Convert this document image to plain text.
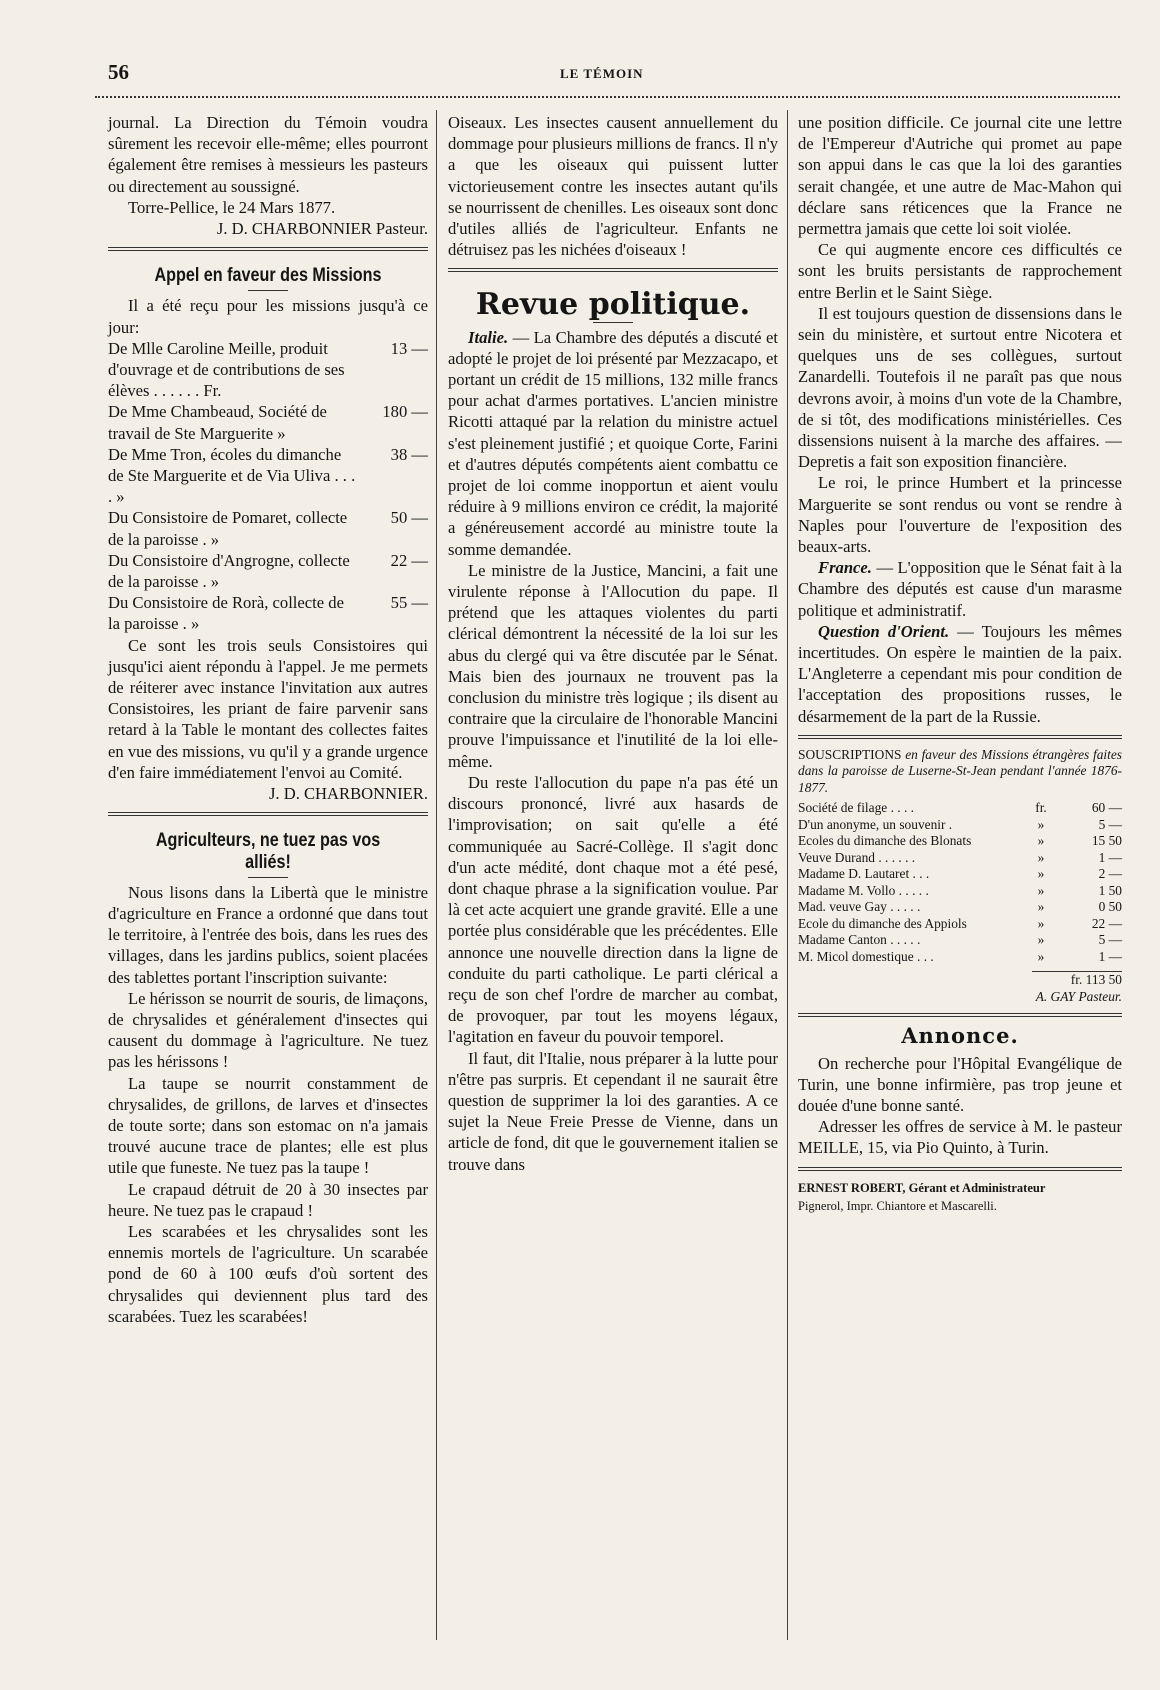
56	LE TÉMOIN

journal. La Direction du Témoin voudra sûrement les recevoir elle-même; elles pourront également être remises à messieurs les pasteurs ou directement au soussigné.

Torre-Pellice, le 24 Mars 1877.

J. D. CHARBONNIER Pasteur.

Appel en faveur des Missions

Il a été reçu pour les missions jusqu'à ce jour:

De Mlle Caroline Meille, produit d'ouvrage et de contributions de ses élèves . . . . . . Fr.
13 —
De Mme Chambeaud, Société de travail de Ste Marguerite »
180 —
De Mme Tron, écoles du dimanche de Ste Marguerite et de Via Uliva . . . . »
38 —
Du Consistoire de Pomaret, collecte de la paroisse . »
50 —
Du Consistoire d'Angrogne, collecte de la paroisse . »
22 —
Du Consistoire de Rorà, collecte de la paroisse . »
55 —

Ce sont les trois seuls Consistoires qui jusqu'ici aient répondu à l'appel. Je me permets de réiterer avec instance l'invitation aux autres Consistoires, les priant de faire parvenir sans retard à la Table le montant des collectes faites en vue des missions, vu qu'il y a grande urgence d'en faire immédiatement l'envoi au Comité.

J. D. CHARBONNIER.

Agriculteurs, ne tuez pas vos alliés!

Nous lisons dans la Libertà que le ministre d'agriculture en France a ordonné que dans tout le territoire, à l'entrée des bois, dans les rues des villages, dans les jardins publics, soient placées des tablettes portant l'inscription suivante:

Le hérisson se nourrit de souris, de limaçons, de chrysalides et généralement d'insectes qui causent du dommage à l'agriculture. Ne tuez pas les hérissons !

La taupe se nourrit constamment de chrysalides, de grillons, de larves et d'insectes de toute sorte; dans son estomac on n'a jamais trouvé aucune trace de plantes; elle est plus utile que funeste. Ne tuez pas la taupe !

Le crapaud détruit de 20 à 30 insectes par heure. Ne tuez pas le crapaud !

Les scarabées et les chrysalides sont les ennemis mortels de l'agriculture. Un scarabée pond de 60 à 100 œufs d'où sortent des chrysalides qui deviennent plus tard des scarabées. Tuez les scarabées!

Oiseaux. Les insectes causent annuellement du dommage pour plusieurs millions de francs. Il n'y a que les oiseaux qui puissent lutter victorieusement contre les insectes autant qu'ils se nourrissent de chenilles. Les oiseaux sont donc d'utiles alliés de l'agriculteur. Enfants ne détruisez pas les nichées d'oiseaux !

Revue politique.

Italie. — La Chambre des députés a discuté et adopté le projet de loi présenté par Mezzacapo, et portant un crédit de 15 millions, 132 mille francs pour achat d'armes portatives. L'ancien ministre Ricotti attaqué par la relation du ministre actuel s'est pleinement justifié ; et quoique Corte, Farini et d'autres députés compétents aient combattu ce projet de loi comme inopportun et aient voulu réduire à 9 millions environ ce crédit, la majorité a généreusement accordé au ministre toute la somme demandée.

Le ministre de la Justice, Mancini, a fait une virulente réponse à l'Allocution du pape. Il prétend que les attaques violentes du parti clérical démontrent la nécessité de la loi sur les abus du clergé qui va être discutée par le Sénat. Mais bien des journaux ne trouvent pas la conclusion du ministre très logique ; ils disent au contraire que la circulaire de l'honorable Mancini prouve l'impuissance et l'inutilité de la loi elle-même.

Du reste l'allocution du pape n'a pas été un discours prononcé, livré aux hasards de l'improvisation; on sait qu'elle a été communiquée au Sacré-Collège. Il s'agit donc d'un acte médité, dont chaque mot a été pesé, dont chaque phrase a la signification voulue. Par là cet acte acquiert une grande gravité. Elle a une portée plus considérable que les précédentes. Elle annonce une nouvelle direction dans la ligne de conduite du parti catholique. Le parti clérical a reçu de son chef l'ordre de marcher au combat, de provoquer, par tout les moyens légaux, l'agitation en faveur du pouvoir temporel.

Il faut, dit l'Italie, nous préparer à la lutte pour n'être pas surpris. Et cependant il ne saurait être question de supprimer la loi des garanties. A ce sujet la Neue Freie Presse de Vienne, dans un article de fond, dit que le gouvernement italien se trouve dans

une position difficile. Ce journal cite une lettre de l'Empereur d'Autriche qui promet au pape son appui dans le cas que la loi des garanties serait changée, et une autre de Mac-Mahon qui déclare sans réticences que la France ne permettra jamais que cette loi soit violée.

Ce qui augmente encore ces difficultés ce sont les bruits persistants de rapprochement entre Berlin et le Saint Siège.

Il est toujours question de dissensions dans le sein du ministère, et surtout entre Nicotera et quelques uns de ses collègues, surtout Zanardelli. Toutefois il ne paraît pas que nous devrons avoir, à moins d'un vote de la Chambre, de si tôt, des modifications ministérielles. Ces dissensions nuisent à la marche des affaires. — Depretis a fait son exposition financière.

Le roi, le prince Humbert et la princesse Marguerite se sont rendus ou vont se rendre à Naples pour l'ouverture de l'exposition des beaux-arts.

France. — L'opposition que le Sénat fait à la Chambre des députés est cause d'un marasme politique et administratif.

Question d'Orient. — Toujours les mêmes incertitudes. On espère le maintien de la paix. L'Angleterre a cependant mis pour condition de l'acceptation des propositions russes, le désarmement de la part de la Russie.

SOUSCRIPTIONS en faveur des Missions étrangères faites dans la paroisse de Luserne-St-Jean pendant l'année 1876-1877.

Société de filage . . . .	fr.	60 —
D'un anonyme, un souvenir .	»	5 —
Ecoles du dimanche des Blonats	»	15 50
Veuve Durand . . . . . .	»	1 —
Madame D. Lautaret . . .	»	2 —
Madame M. Vollo . . . . .	»	1 50
Mad. veuve Gay . . . . .	»	0 50
Ecole du dimanche des Appiols	»	22 —
Madame Canton . . . . .	»	5 —
M. Micol domestique . . .	»	1 —

fr. 113 50

A. GAY Pasteur.

Annonce.

On recherche pour l'Hôpital Evangélique de Turin, une bonne infirmière, pas trop jeune et douée d'une bonne santé.

Adresser les offres de service à M. le pasteur MEILLE, 15, via Pio Quinto, à Turin.

ERNEST ROBERT, Gérant et Administrateur

Pignerol, Impr. Chiantore et Mascarelli.
